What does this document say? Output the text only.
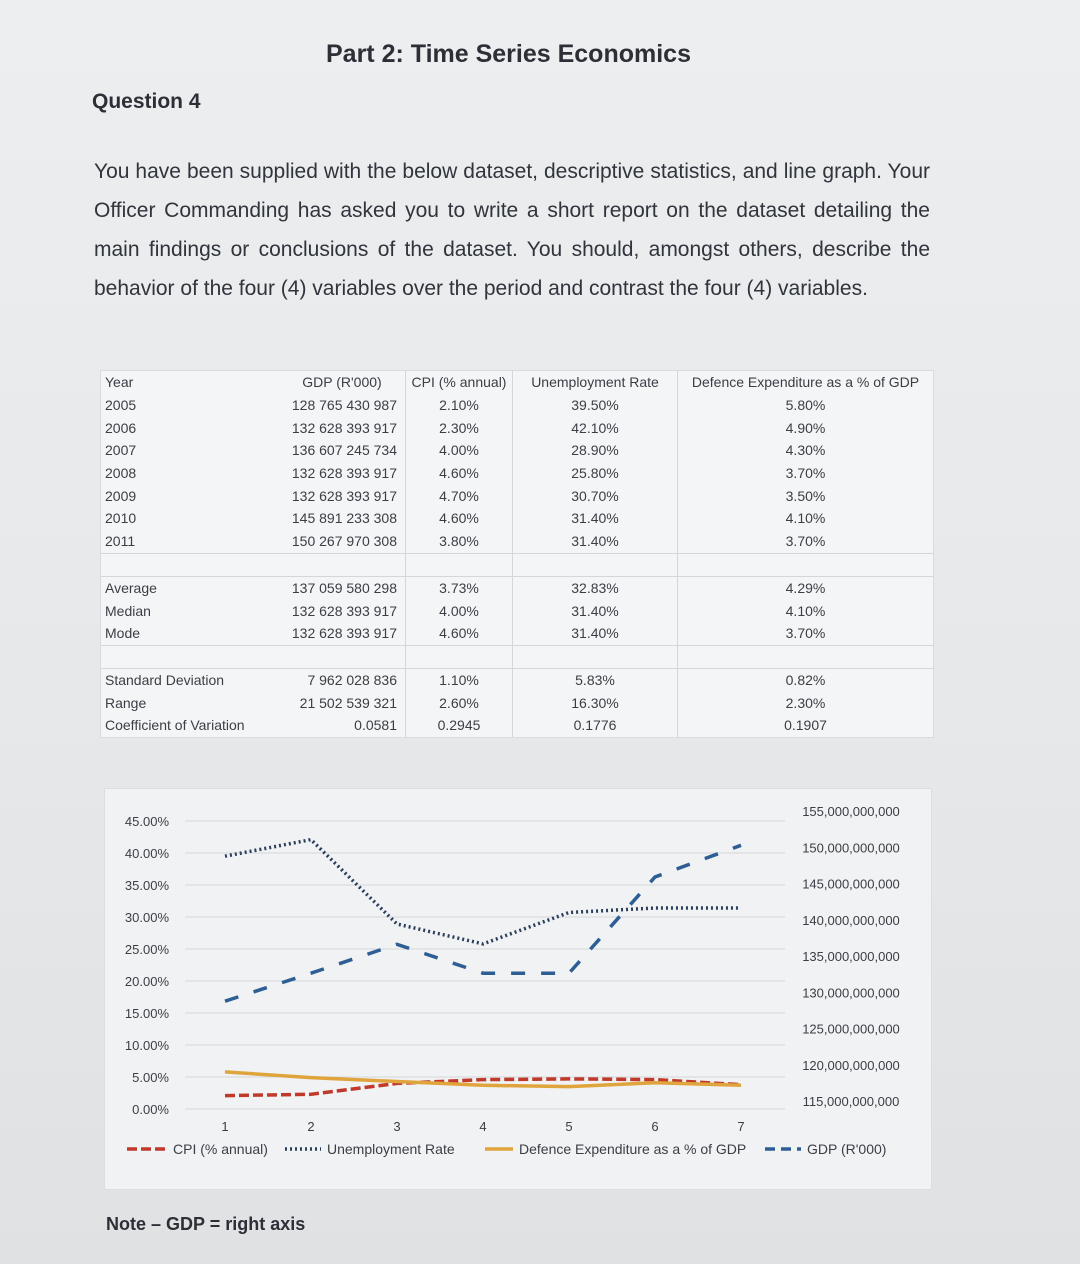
Part 2: Time Series Economics
Question 4

You have been supplied with the below dataset, descriptive statistics, and line graph. Your Officer Commanding has asked you to write a short report on the dataset detailing the main findings or conclusions of the dataset. You should, amongst others, describe the behavior of the four (4) variables over the period and contrast the four (4) variables.

Year	GDP (R'000)	CPI (% annual)	Unemployment Rate	Defence Expenditure as a % of GDP
2005	128 765 430 987	2.10%	39.50%	5.80%
2006	132 628 393 917	2.30%	42.10%	4.90%
2007	136 607 245 734	4.00%	28.90%	4.30%
2008	132 628 393 917	4.60%	25.80%	3.70%
2009	132 628 393 917	4.70%	30.70%	3.50%
2010	145 891 233 308	4.60%	31.40%	4.10%
2011	150 267 970 308	3.80%	31.40%	3.70%

Average	137 059 580 298	3.73%	32.83%	4.29%
Median	132 628 393 917	4.00%	31.40%	4.10%
Mode	132 628 393 917	4.60%	31.40%	3.70%

Standard Deviation	7 962 028 836	1.10%	5.83%	0.82%
Range	21 502 539 321	2.60%	16.30%	2.30%
Coefficient of Variation	0.0581	0.2945	0.1776	0.1907
45.00%
40.00%
35.00%
30.00%
25.00%
20.00%
15.00%
10.00%
5.00%
0.00%
155,000,000,000
150,000,000,000
145,000,000,000
140,000,000,000
135,000,000,000
130,000,000,000
125,000,000,000
120,000,000,000
115,000,000,000
1	2	3	4	5	6	7
CPI (% annual)	Unemployment Rate	Defence Expenditure as a % of GDP	GDP (R'000)
Note – GDP = right axis
